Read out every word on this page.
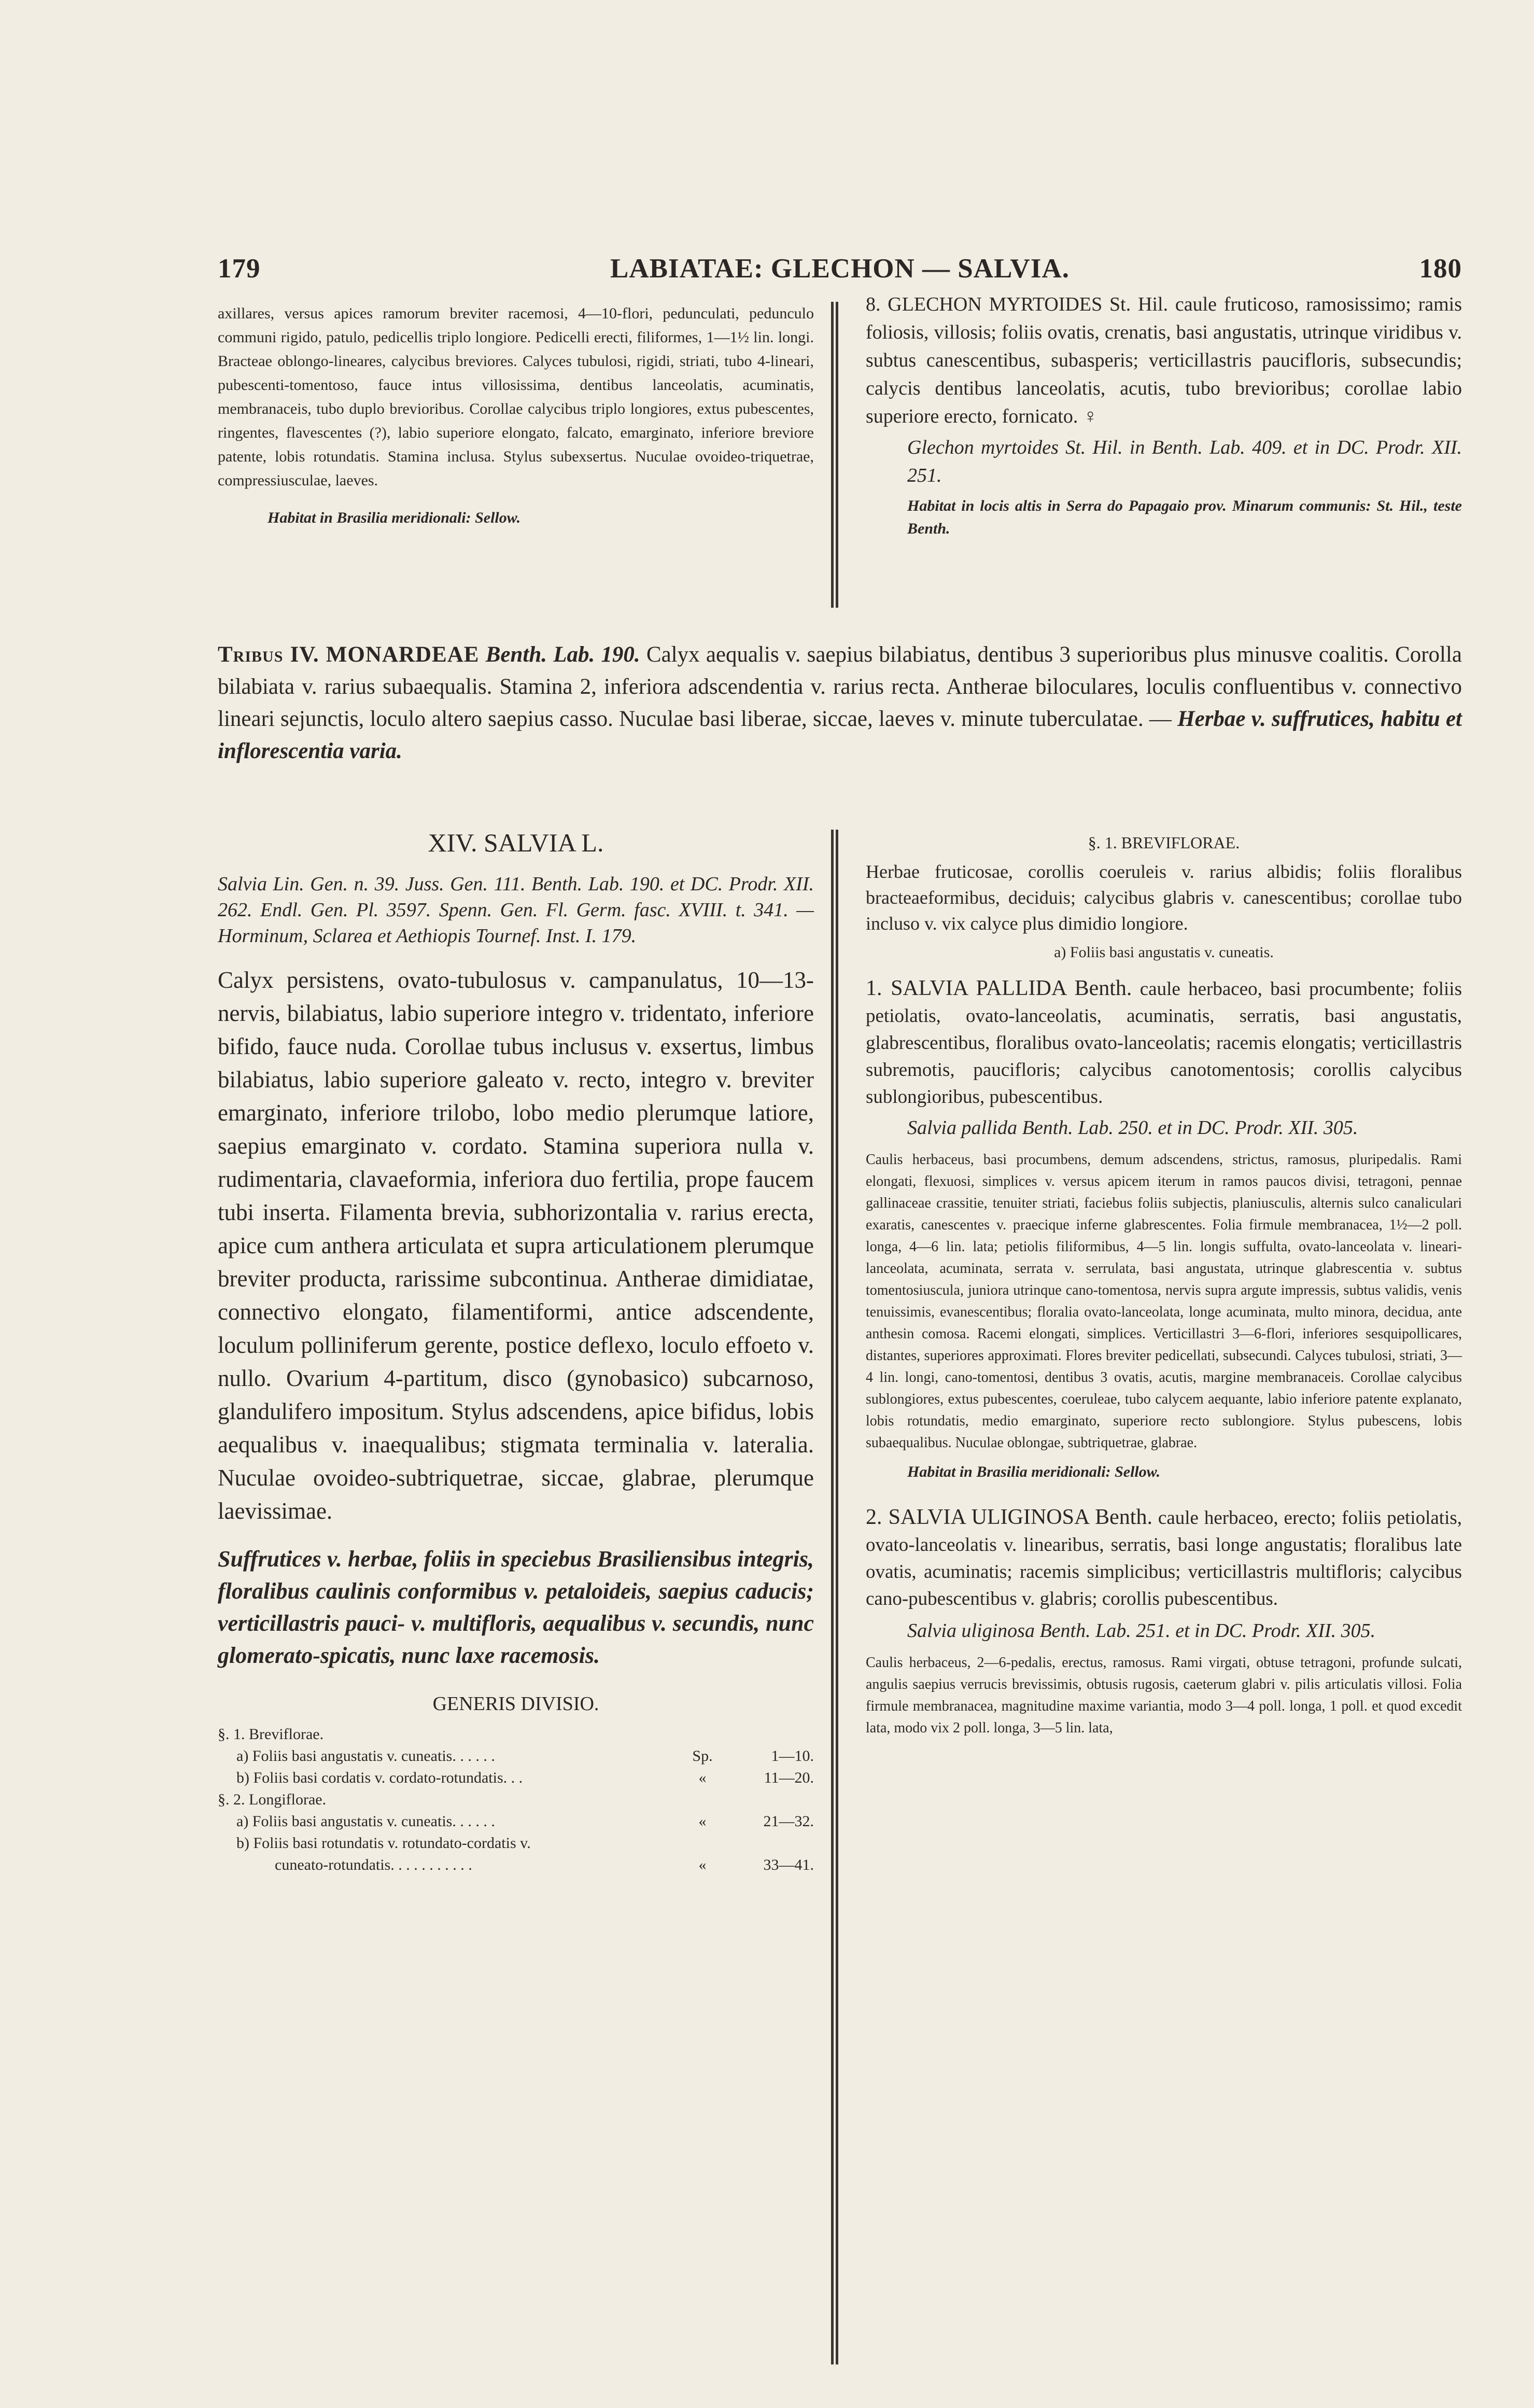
179	LABIATAE: GLECHON — SALVIA.	180

axillares, versus apices ramorum breviter racemosi, 4—10-flori, pedunculati, pedunculo communi rigido, patulo, pedicellis triplo longiore. Pedicelli erecti, filiformes, 1—1½ lin. longi. Bracteae oblongo-lineares, calycibus breviores. Calyces tubulosi, rigidi, striati, tubo 4-lineari, pubescenti-tomentoso, fauce intus villosissima, dentibus lanceolatis, acuminatis, membranaceis, tubo duplo brevioribus. Corollae calycibus triplo longiores, extus pubescentes, ringentes, flavescentes (?), labio superiore elongato, falcato, emarginato, inferiore breviore patente, lobis rotundatis. Stamina inclusa. Stylus subexsertus. Nuculae ovoideo-triquetrae, compressiusculae, laeves.

Habitat in Brasilia meridionali: Sellow.

8. GLECHON MYRTOIDES St. Hil. caule fruticoso, ramosissimo; ramis foliosis, villosis; foliis ovatis, crenatis, basi angustatis, utrinque viridibus v. subtus canescentibus, subasperis; verticillastris paucifloris, subsecundis; calycis dentibus lanceolatis, acutis, tubo brevioribus; corollae labio superiore erecto, fornicato. ♀

Glechon myrtoides St. Hil. in Benth. Lab. 409. et in DC. Prodr. XII. 251.

Habitat in locis altis in Serra do Papagaio prov. Minarum communis: St. Hil., teste Benth.

Tribus IV. MONARDEAE Benth. Lab. 190. Calyx aequalis v. saepius bilabiatus, dentibus 3 superioribus plus minusve coalitis. Corolla bilabiata v. rarius subaequalis. Stamina 2, inferiora adscendentia v. rarius recta. Antherae biloculares, loculis confluentibus v. connectivo lineari sejunctis, loculo altero saepius casso. Nuculae basi liberae, siccae, laeves v. minute tuberculatae. — Herbae v. suffrutices, habitu et inflorescentia varia.

XIV. SALVIA L.

Salvia Lin. Gen. n. 39. Juss. Gen. 111. Benth. Lab. 190. et DC. Prodr. XII. 262. Endl. Gen. Pl. 3597. Spenn. Gen. Fl. Germ. fasc. XVIII. t. 341. — Horminum, Sclarea et Aethiopis Tournef. Inst. I. 179.

Calyx persistens, ovato-tubulosus v. campanulatus, 10—13-nervis, bilabiatus, labio superiore integro v. tridentato, inferiore bifido, fauce nuda. Corollae tubus inclusus v. exsertus, limbus bilabiatus, labio superiore galeato v. recto, integro v. breviter emarginato, inferiore trilobo, lobo medio plerumque latiore, saepius emarginato v. cordato. Stamina superiora nulla v. rudimentaria, clavaeformia, inferiora duo fertilia, prope faucem tubi inserta. Filamenta brevia, subhorizontalia v. rarius erecta, apice cum anthera articulata et supra articulationem plerumque breviter producta, rarissime subcontinua. Antherae dimidiatae, connectivo elongato, filamentiformi, antice adscendente, loculum polliniferum gerente, postice deflexo, loculo effoeto v. nullo. Ovarium 4-partitum, disco (gynobasico) subcarnoso, glandulifero impositum. Stylus adscendens, apice bifidus, lobis aequalibus v. inaequalibus; stigmata terminalia v. lateralia. Nuculae ovoideo-subtriquetrae, siccae, glabrae, plerumque laevissimae.

Suffrutices v. herbae, foliis in speciebus Brasiliensibus integris, floralibus caulinis conformibus v. petaloideis, saepius caducis; verticillastris pauci- v. multifloris, aequalibus v. secundis, nunc glomerato-spicatis, nunc laxe racemosis.

GENERIS DIVISIO.
§. 1. Breviflorae.
a) Foliis basi angustatis v. cuneatis. . . . . .	Sp.	1—10.
b) Foliis basi cordatis v. cordato-rotundatis. . .	«	11—20.
§. 2. Longiflorae.
a) Foliis basi angustatis v. cuneatis. . . . . .	«	21—32.
b) Foliis basi rotundatis v. rotundato-cordatis v.
cuneato-rotundatis. . . . . . . . . . .	«	33—41.
§. 1. BREVIFLORAE.

Herbae fruticosae, corollis coeruleis v. rarius albidis; foliis floralibus bracteaeformibus, deciduis; calycibus glabris v. canescentibus; corollae tubo incluso v. vix calyce plus dimidio longiore.

a) Foliis basi angustatis v. cuneatis.

1. SALVIA PALLIDA Benth. caule herbaceo, basi procumbente; foliis petiolatis, ovato-lanceolatis, acuminatis, serratis, basi angustatis, glabrescentibus, floralibus ovato-lanceolatis; racemis elongatis; verticillastris subremotis, paucifloris; calycibus canotomentosis; corollis calycibus sublongioribus, pubescentibus.

Salvia pallida Benth. Lab. 250. et in DC. Prodr. XII. 305.

Caulis herbaceus, basi procumbens, demum adscendens, strictus, ramosus, pluripedalis. Rami elongati, flexuosi, simplices v. versus apicem iterum in ramos paucos divisi, tetragoni, pennae gallinaceae crassitie, tenuiter striati, faciebus foliis subjectis, planiusculis, alternis sulco canaliculari exaratis, canescentes v. praecique inferne glabrescentes. Folia firmule membranacea, 1½—2 poll. longa, 4—6 lin. lata; petiolis filiformibus, 4—5 lin. longis suffulta, ovato-lanceolata v. lineari-lanceolata, acuminata, serrata v. serrulata, basi angustata, utrinque glabrescentia v. subtus tomentosiuscula, juniora utrinque cano-tomentosa, nervis supra argute impressis, subtus validis, venis tenuissimis, evanescentibus; floralia ovato-lanceolata, longe acuminata, multo minora, decidua, ante anthesin comosa. Racemi elongati, simplices. Verticillastri 3—6-flori, inferiores sesquipollicares, distantes, superiores approximati. Flores breviter pedicellati, subsecundi. Calyces tubulosi, striati, 3—4 lin. longi, cano-tomentosi, dentibus 3 ovatis, acutis, margine membranaceis. Corollae calycibus sublongiores, extus pubescentes, coeruleae, tubo calycem aequante, labio inferiore patente explanato, lobis rotundatis, medio emarginato, superiore recto sublongiore. Stylus pubescens, lobis subaequalibus. Nuculae oblongae, subtriquetrae, glabrae.

Habitat in Brasilia meridionali: Sellow.

2. SALVIA ULIGINOSA Benth. caule herbaceo, erecto; foliis petiolatis, ovato-lanceolatis v. linearibus, serratis, basi longe angustatis; floralibus late ovatis, acuminatis; racemis simplicibus; verticillastris multifloris; calycibus cano-pubescentibus v. glabris; corollis pubescentibus.

Salvia uliginosa Benth. Lab. 251. et in DC. Prodr. XII. 305.

Caulis herbaceus, 2—6-pedalis, erectus, ramosus. Rami virgati, obtuse tetragoni, profunde sulcati, angulis saepius verrucis brevissimis, obtusis rugosis, caeterum glabri v. pilis articulatis villosi. Folia firmule membranacea, magnitudine maxime variantia, modo 3—4 poll. longa, 1 poll. et quod excedit lata, modo vix 2 poll. longa, 3—5 lin. lata,
